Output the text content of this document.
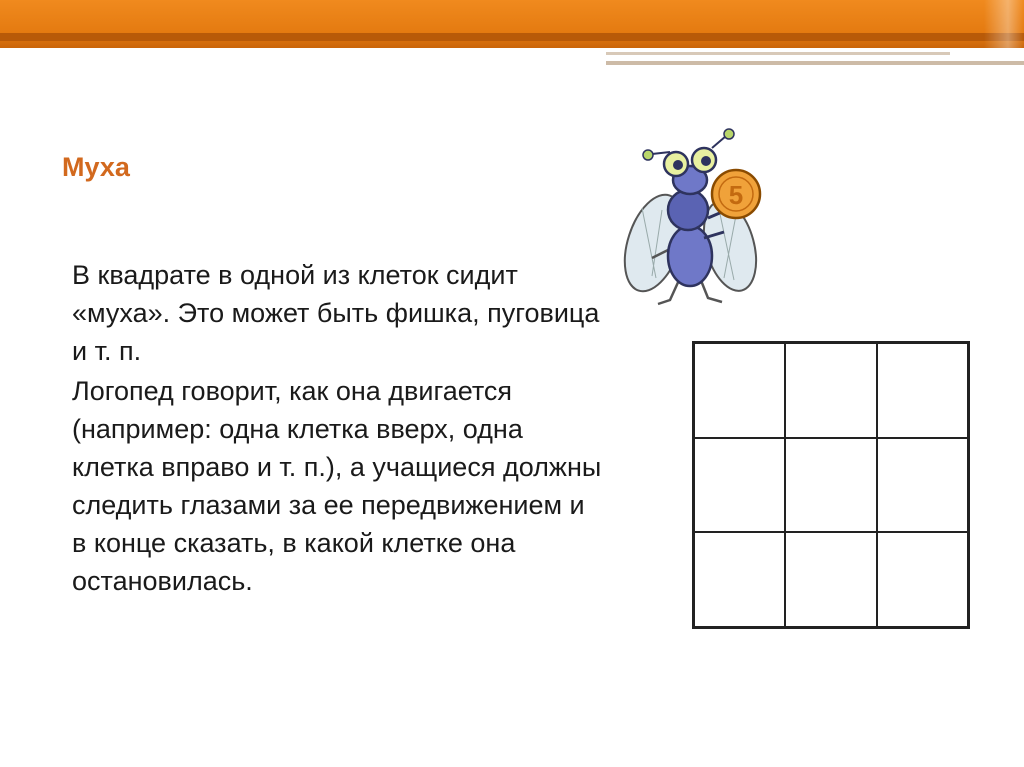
Муха

В квадрате в одной из клеток сидит «муха». Это может быть фишка, пуговица и т. п.

Логопед говорит, как она двигается (например: одна клетка вверх, одна клетка вправо и т. п.), а учащиеся должны следить глазами за ее передвижением и в конце сказать, в какой клетке она остановилась.

5
